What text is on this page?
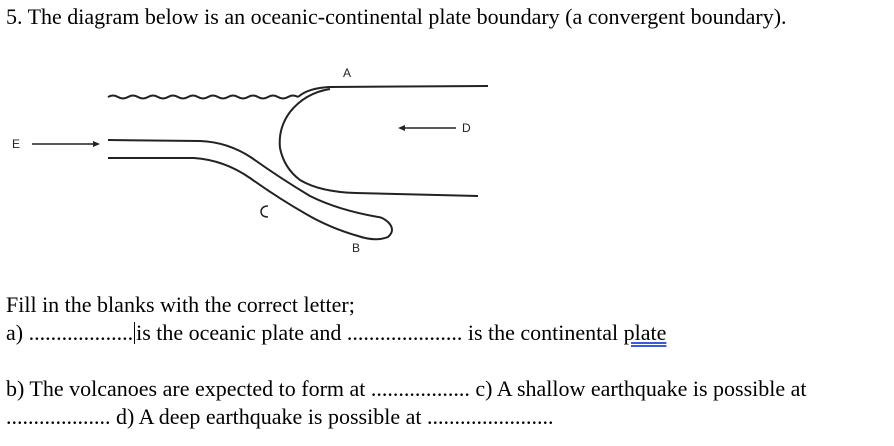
5. The diagram below is an oceanic-continental plate boundary (a convergent boundary).
A
D
E
B
Fill in the blanks with the correct letter;
a) ................... is the oceanic plate and ..................... is the continental plate
b) The volcanoes are expected to form at .................. c) A shallow earthquake is possible at
................... d) A deep earthquake is possible at .......................
